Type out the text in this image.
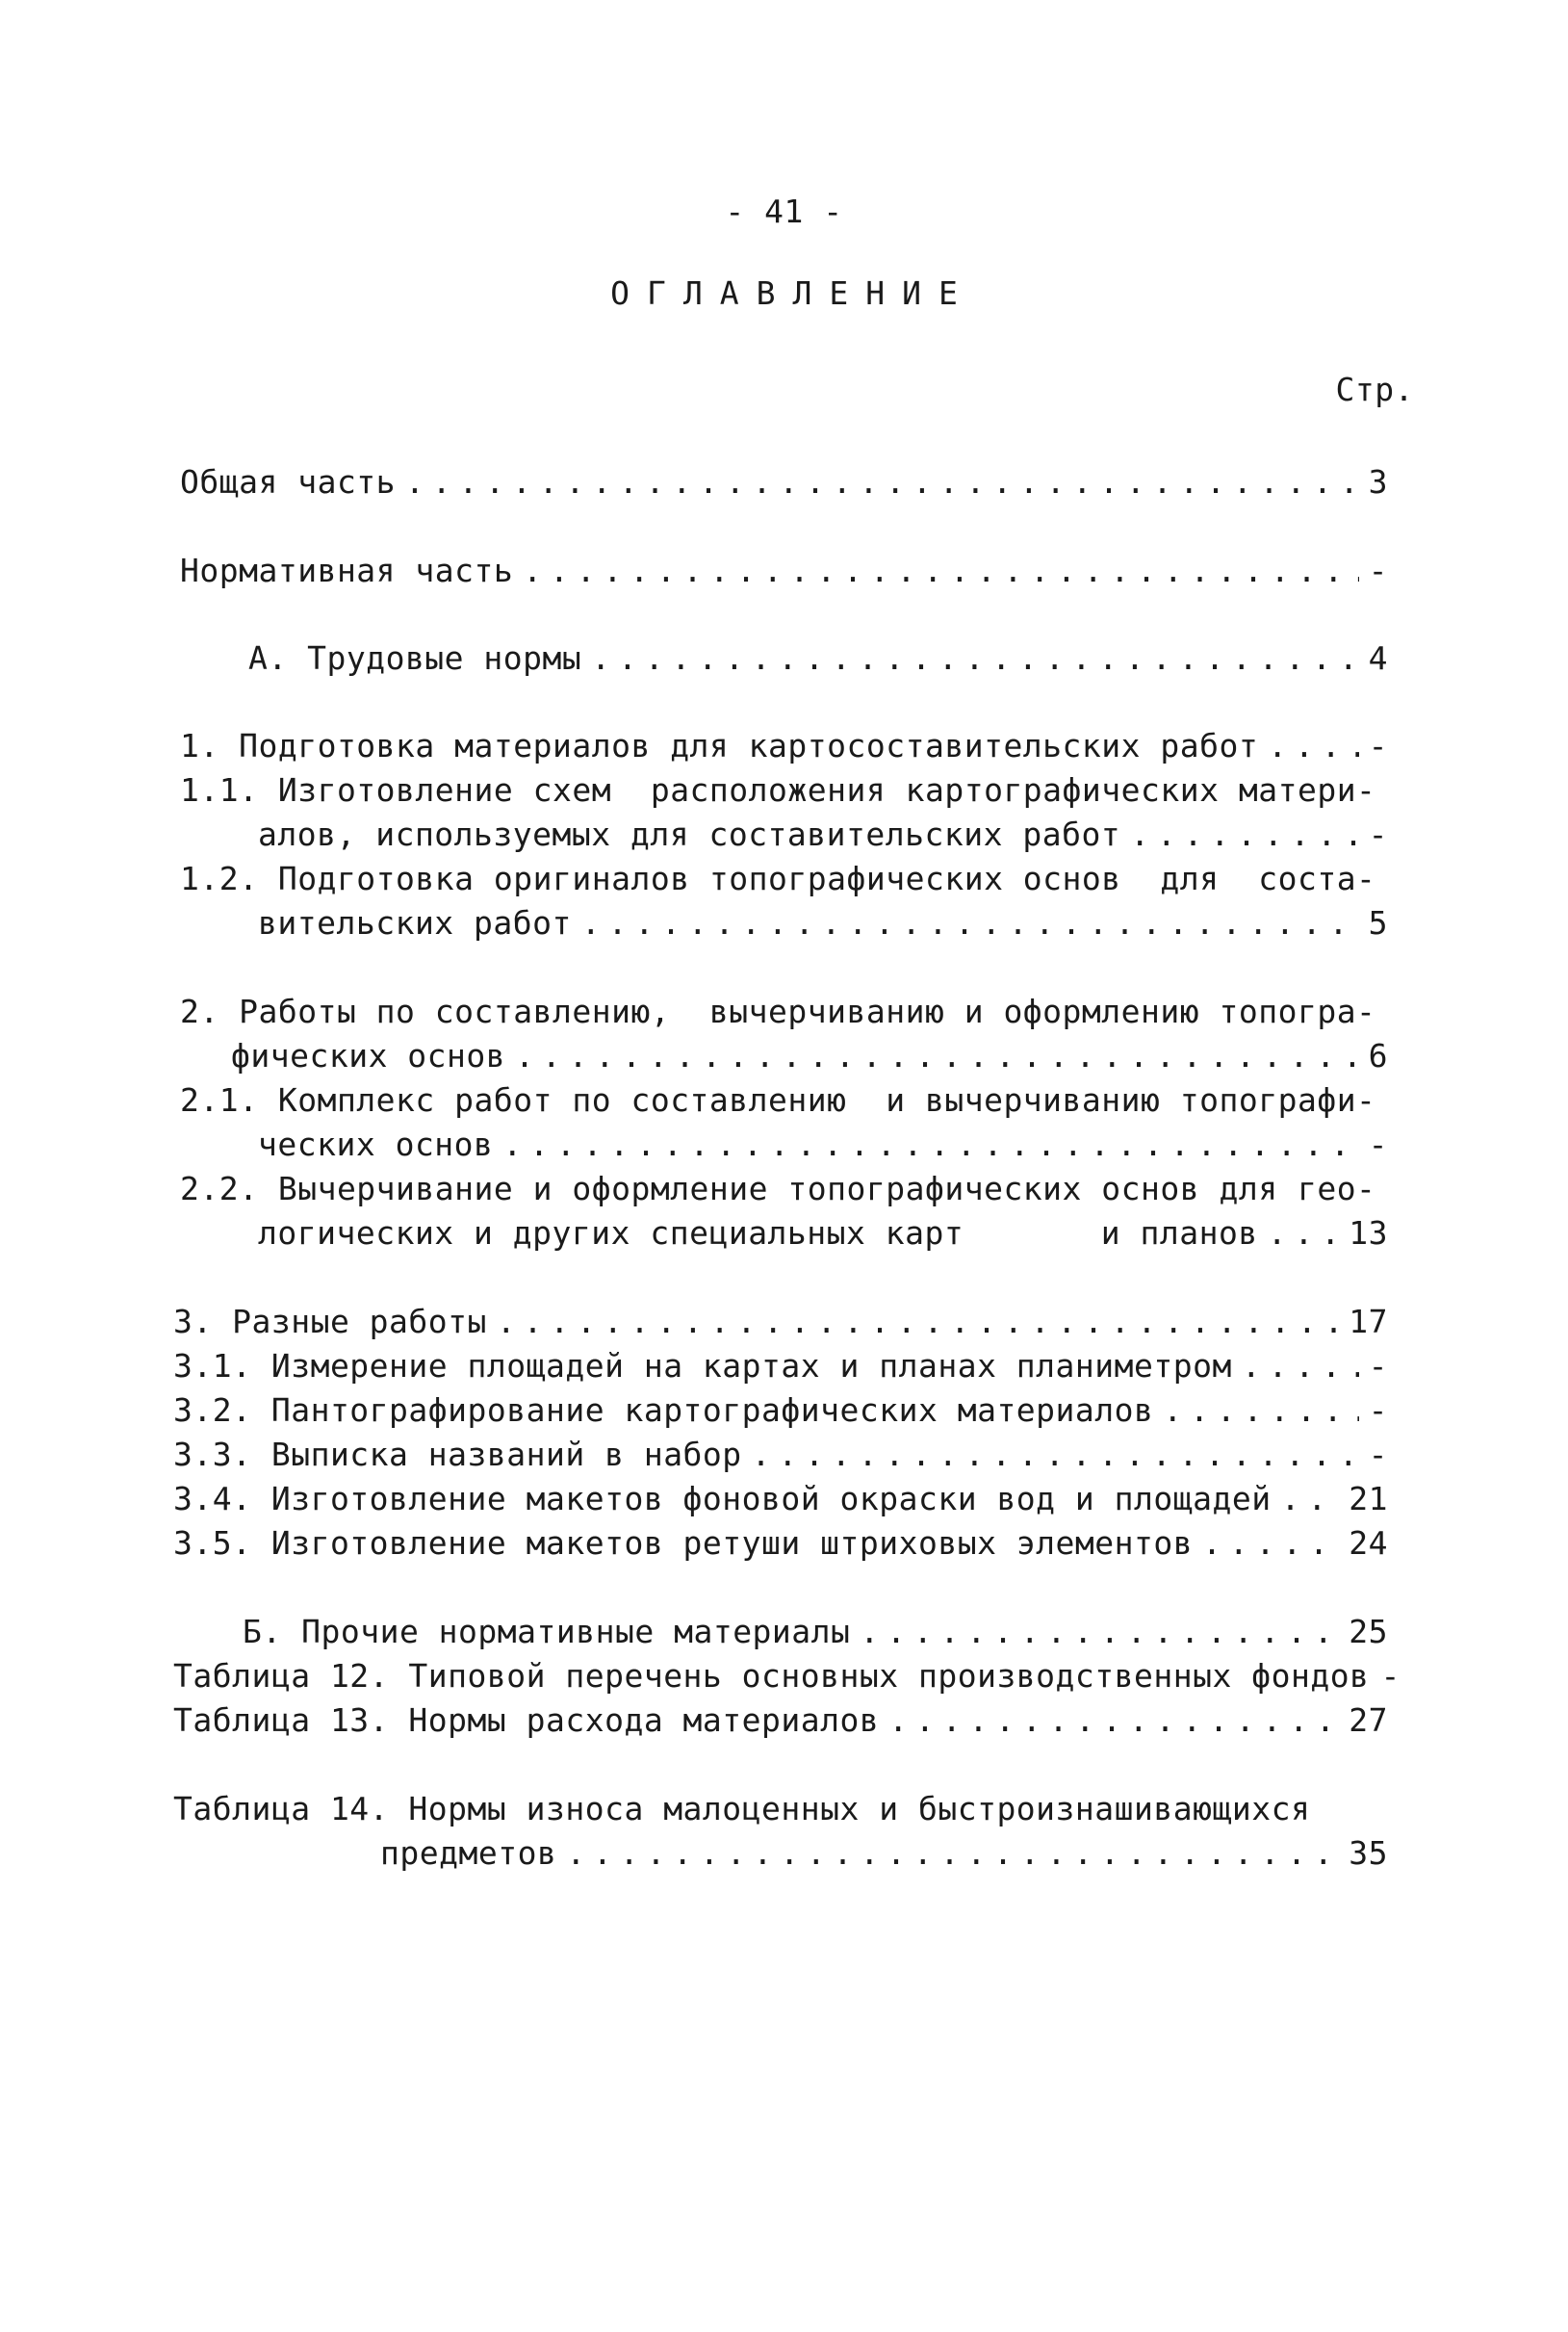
- 41 -
ОГЛАВЛЕНИЕ
Стр.
Общая часть . . .	3
Нормативная часть . . .	-
А. Трудовые нормы . . .	4
1. Подготовка материалов для картосоставительских работ . . .	-
1.1. Изготовление схем  расположения картографических матери-
алов, используемых для составительских работ . . .	-
1.2. Подготовка оригиналов топографических основ  для  соста-
вительских работ . . .	5
2. Работы по составлению,  вычерчиванию и оформлению топогра-
фических основ . . .	6
2.1. Комплекс работ по составлению  и вычерчиванию топографи-
ческих основ . . .	-
2.2. Вычерчивание и оформление топографических основ для гео-
логических и других специальных карт       и планов . . .	13
3. Разные работы . . .	17
3.1. Измерение площадей на картах и планах планиметром . . .	-
3.2. Пантографирование картографических материалов . . .	-
3.3. Выписка названий в набор . . .	-
3.4. Изготовление макетов фоновой окраски вод и площадей . . . 21
3.5. Изготовление макетов ретуши штриховых элементов . . .	24
Б. Прочие нормативные материалы . . .	25
Таблица 12. Типовой перечень основных производственных фондов -
Таблица 13. Нормы расхода материалов . . .	27
Таблица 14. Нормы износа малоценных и быстроизнашивающихся
предметов . . .	35
